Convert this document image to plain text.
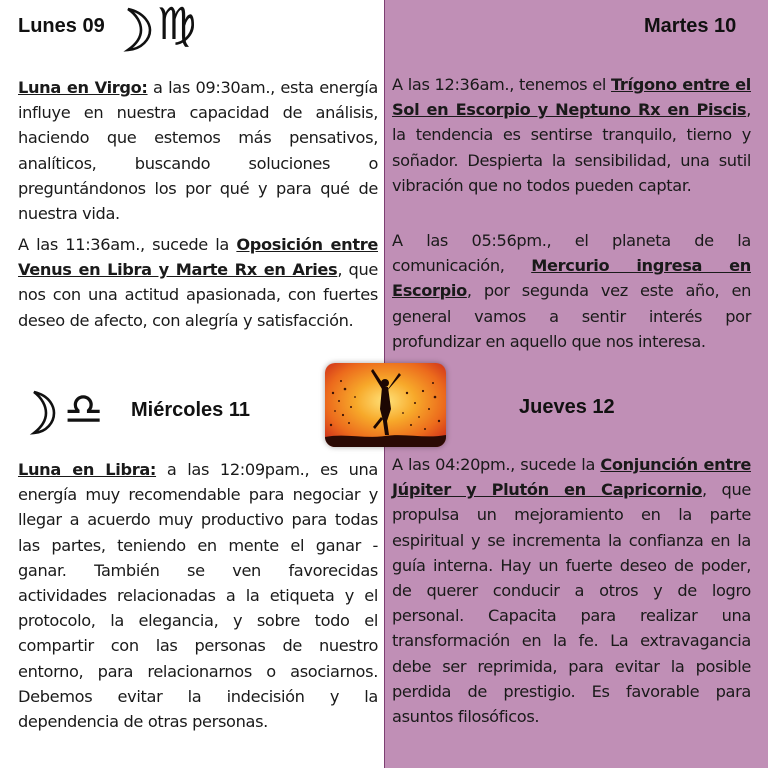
Lunes 09 ♍
Luna en Virgo: a las 09:30am., esta energía influye en nuestra capacidad de análisis, haciendo que estemos más pensativos, analíticos, buscando soluciones o preguntándonos los por qué y para qué de nuestra vida.
A las 11:36am., sucede la Oposición entre Venus en Libra y Marte Rx en Aries, que nos con una actitud apasionada, con fuertes deseo de afecto, con alegría y satisfacción.
Martes 10
A las 12:36am., tenemos el Trígono entre el Sol en Escorpio y Neptuno Rx en Piscis, la tendencia es sentirse tranquilo, tierno y soñador. Despierta la sensibilidad, una sutil vibración que no todos pueden captar.
A las 05:56pm., el planeta de la comunicación, Mercurio ingresa en Escorpio, por segunda vez este año, en general vamos a sentir interés por profundizar en aquello que nos interesa.
♎ Miércoles 11
Luna en Libra: a las 12:09pam., es una energía muy recomendable para negociar y llegar a acuerdo muy productivo para todas las partes, teniendo en mente el ganar - ganar. También se ven favorecidas actividades relacionadas a la etiqueta y el protocolo, la elegancia, y sobre todo el compartir con las personas de nuestro entorno, para relacionarnos o asociarnos. Debemos evitar la indecisión y la dependencia de otras personas.
Jueves 12
A las 04:20pm., sucede la Conjunción entre Júpiter y Plutón en Capricornio, que propulsa un mejoramiento en la parte espiritual y se incrementa la confianza en la guía interna. Hay un fuerte deseo de poder, de querer conducir a otros y de logro personal. Capacita para realizar una transformación en la fe. La extravagancia debe ser reprimida, para evitar la posible perdida de prestigio. Es favorable para asuntos filosóficos.
